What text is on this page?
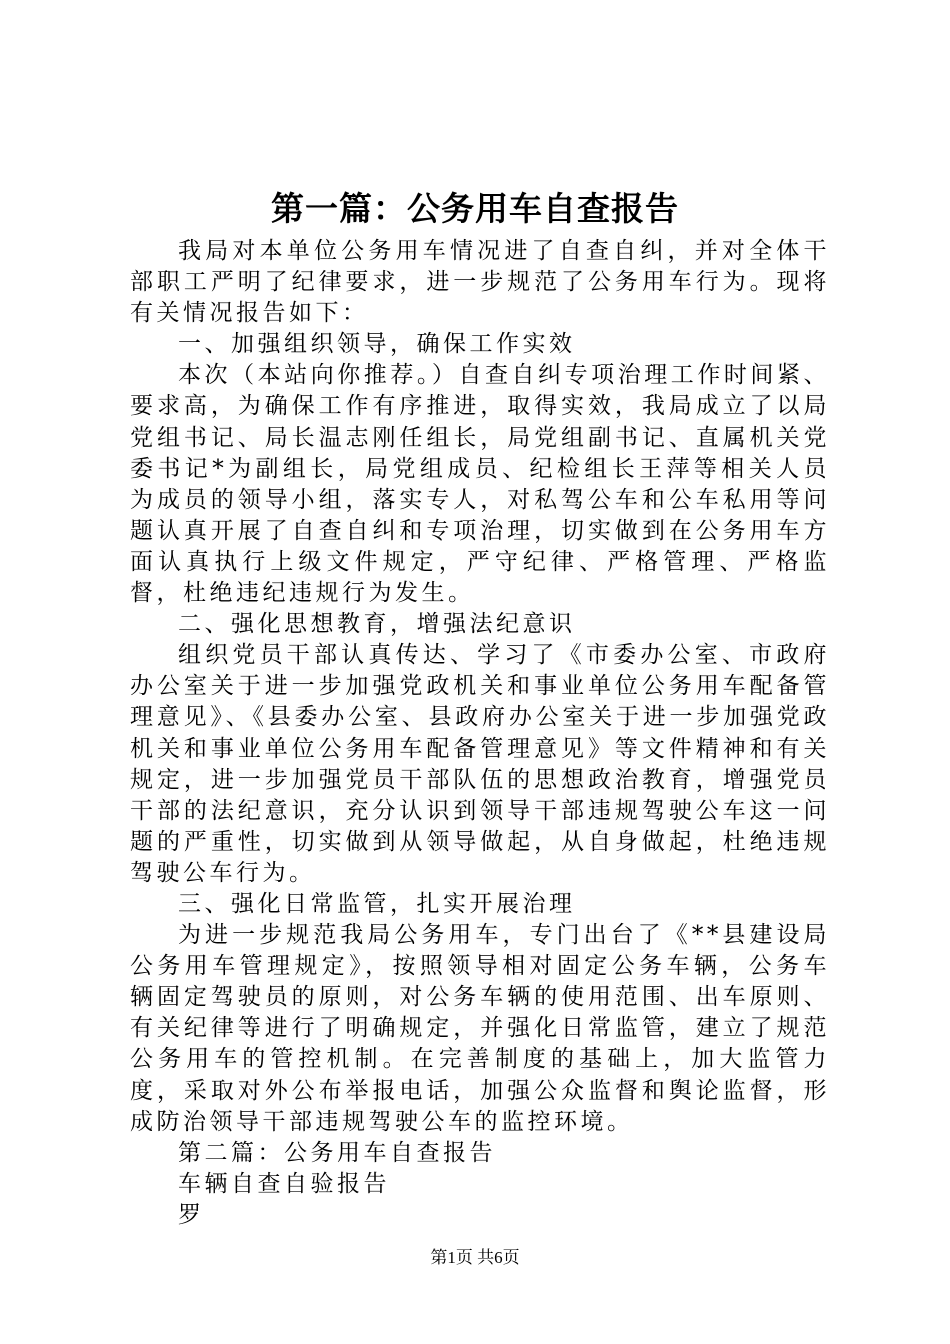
第一篇：公务用车自查报告

我局对本单位公务用车情况进了自查自纠，并对全体干部职工严明了纪律要求，进一步规范了公务用车行为。现将有关情况报告如下：

一、加强组织领导，确保工作实效

本次（本站向你推荐。）自查自纠专项治理工作时间紧、要求高，为确保工作有序推进，取得实效，我局成立了以局党组书记、局长温志刚任组长，局党组副书记、直属机关党委书记*为副组长，局党组成员、纪检组长王萍等相关人员为成员的领导小组，落实专人，对私驾公车和公车私用等问题认真开展了自查自纠和专项治理，切实做到在公务用车方面认真执行上级文件规定，严守纪律、严格管理、严格监督，杜绝违纪违规行为发生。

二、强化思想教育，增强法纪意识

组织党员干部认真传达、学习了《市委办公室、市政府办公室关于进一步加强党政机关和事业单位公务用车配备管理意见》、《县委办公室、县政府办公室关于进一步加强党政机关和事业单位公务用车配备管理意见》等文件精神和有关规定，进一步加强党员干部队伍的思想政治教育，增强党员干部的法纪意识，充分认识到领导干部违规驾驶公车这一问题的严重性，切实做到从领导做起，从自身做起，杜绝违规驾驶公车行为。

三、强化日常监管，扎实开展治理

为进一步规范我局公务用车，专门出台了《**县建设局公务用车管理规定》，按照领导相对固定公务车辆，公务车辆固定驾驶员的原则，对公务车辆的使用范围、出车原则、有关纪律等进行了明确规定，并强化日常监管，建立了规范公务用车的管控机制。在完善制度的基础上，加大监管力度，采取对外公布举报电话，加强公众监督和舆论监督，形成防治领导干部违规驾驶公车的监控环境。

第二篇：公务用车自查报告

车辆自查自验报告

罗

第1页 共6页
